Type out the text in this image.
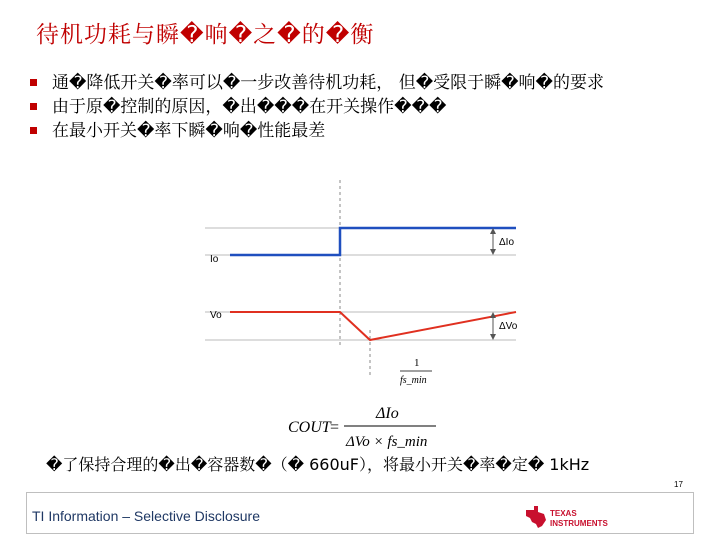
待机功耗与瞬�响�之�的�衡
通�降低开关�率可以�一步改善待机功耗， 但�受限于瞬�响�的要求
由于原�控制的原因，�出���在开关操作���
在最小开关�率下瞬�响�性能最差
Io
Vo
ΔIo
ΔVo
1
fs_min
COUT =
ΔIo
ΔVo × fs_min
�了保持合理的�出�容器数�（� 660uF），将最小开关�率�定� 1kHz
17
TI Information – Selective Disclosure	TEXAS
INSTRUMENTS
